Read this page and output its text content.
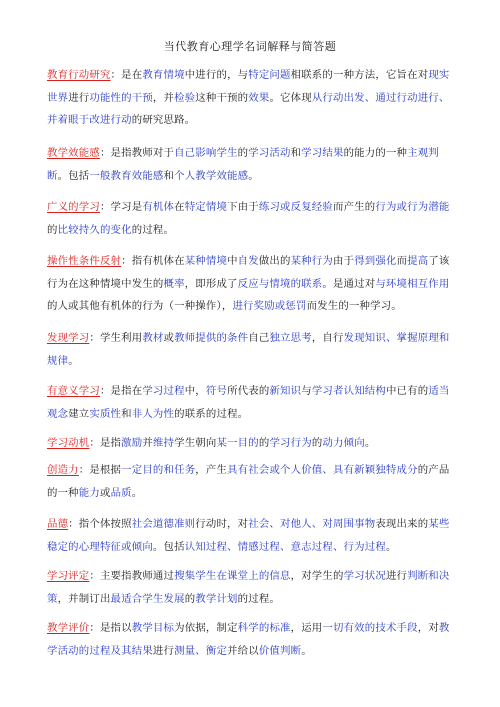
当代教育心理学名词解释与简答题
教育行动研究：是在教育情境中进行的，与特定问题相联系的一种方法，它旨在对现实世界进行功能性的干预，并检验这种干预的效果。它体现从行动出发、通过行动进行、并着眼于改进行动的研究思路。
教学效能感：是指教师对于自己影响学生的学习活动和学习结果的能力的一种主观判断。包括一般教育效能感和个人教学效能感。
广义的学习：学习是有机体在特定情境下由于练习或反复经验而产生的行为或行为潜能的比较持久的变化的过程。
操作性条件反射：指有机体在某种情境中自发做出的某种行为由于得到强化而提高了该行为在这种情境中发生的概率，即形成了反应与情境的联系。是通过对与环境相互作用的人或其他有机体的行为（一种操作），进行奖励或惩罚而发生的一种学习。
发现学习：学生利用教材或教师提供的条件自己独立思考，自行发现知识、掌握原理和规律。
有意义学习：是指在学习过程中，符号所代表的新知识与学习者认知结构中已有的适当观念建立实质性和非人为性的联系的过程。
学习动机：是指激励并维持学生朝向某一目的的学习行为的动力倾向。
创造力：是根据一定目的和任务，产生具有社会或个人价值、具有新颖独特成分的产品的一种能力或品质。
品德：指个体按照社会道德准则行动时，对社会、对他人、对周围事物表现出来的某些稳定的心理特征或倾向。包括认知过程、情感过程、意志过程、行为过程。
学习评定：主要指教师通过搜集学生在课堂上的信息，对学生的学习状况进行判断和决策，并制订出最适合学生发展的教学计划的过程。
教学评价：是指以教学目标为依据，制定科学的标准，运用一切有效的技术手段，对教学活动的过程及其结果进行测量、衡定并给以价值判断。
